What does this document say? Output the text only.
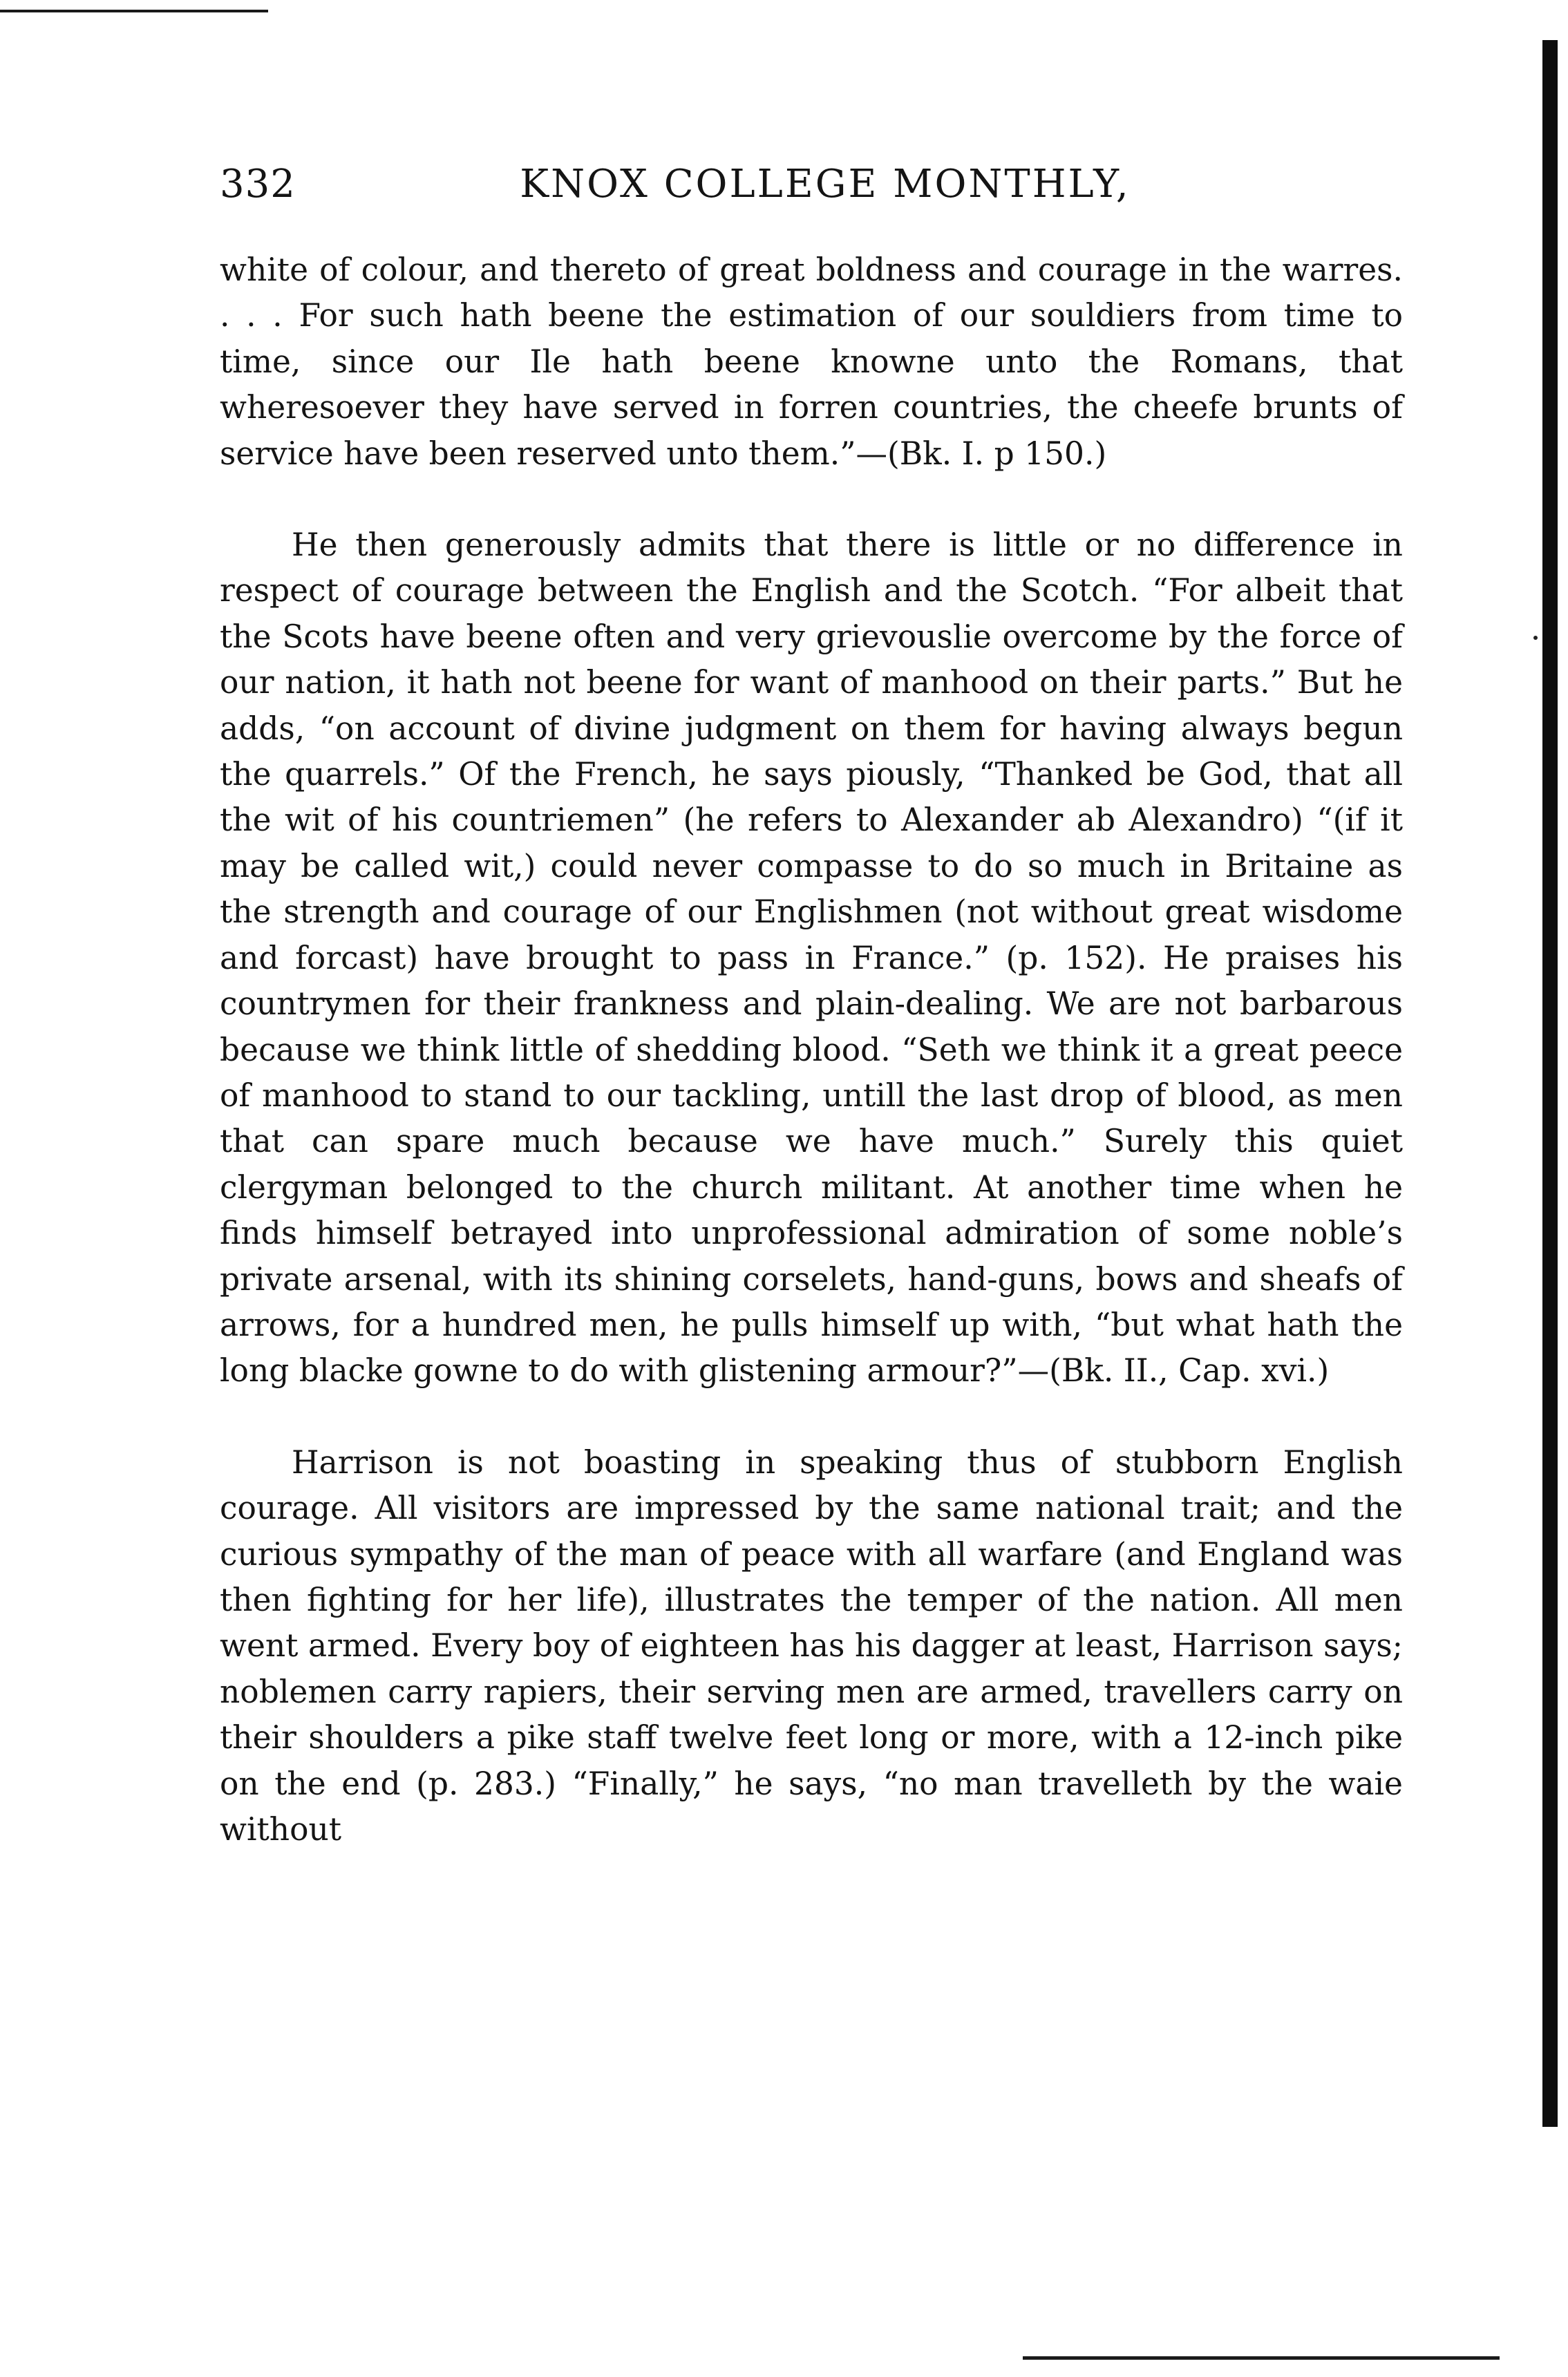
332	KNOX COLLEGE MONTHLY,

white of colour, and thereto of great boldness and courage in the warres. . . . For such hath beene the estimation of our souldiers from time to time, since our Ile hath beene knowne unto the Romans, that wheresoever they have served in forren countries, the cheefe brunts of service have been reserved unto them.”—(Bk. I. p 150.)

He then generously admits that there is little or no difference in respect of courage between the English and the Scotch. “For albeit that the Scots have beene often and very grievouslie overcome by the force of our nation, it hath not beene for want of manhood on their parts.” But he adds, “on account of divine judgment on them for having always begun the quarrels.” Of the French, he says piously, “Thanked be God, that all the wit of his countriemen” (he refers to Alexander ab Alexandro) “(if it may be called wit,) could never compasse to do so much in Britaine as the strength and courage of our Englishmen (not without great wisdome and forcast) have brought to pass in France.” (p. 152). He praises his countrymen for their frankness and plain-dealing. We are not barbarous because we think little of shedding blood. “Seth we think it a great peece of manhood to stand to our tackling, untill the last drop of blood, as men that can spare much because we have much.” Surely this quiet clergyman belonged to the church militant. At another time when he finds himself betrayed into unprofessional admiration of some noble’s private arsenal, with its shining corselets, hand-guns, bows and sheafs of arrows, for a hundred men, he pulls himself up with, “but what hath the long blacke gowne to do with glistening armour?”—(Bk. II., Cap. xvi.)

Harrison is not boasting in speaking thus of stubborn English courage. All visitors are impressed by the same national trait; and the curious sympathy of the man of peace with all warfare (and England was then fighting for her life), illustrates the temper of the nation. All men went armed. Every boy of eighteen has his dagger at least, Harrison says; noblemen carry rapiers, their serving men are armed, travellers carry on their shoulders a pike staff twelve feet long or more, with a 12-inch pike on the end (p. 283.) “Finally,” he says, “no man travelleth by the waie without
